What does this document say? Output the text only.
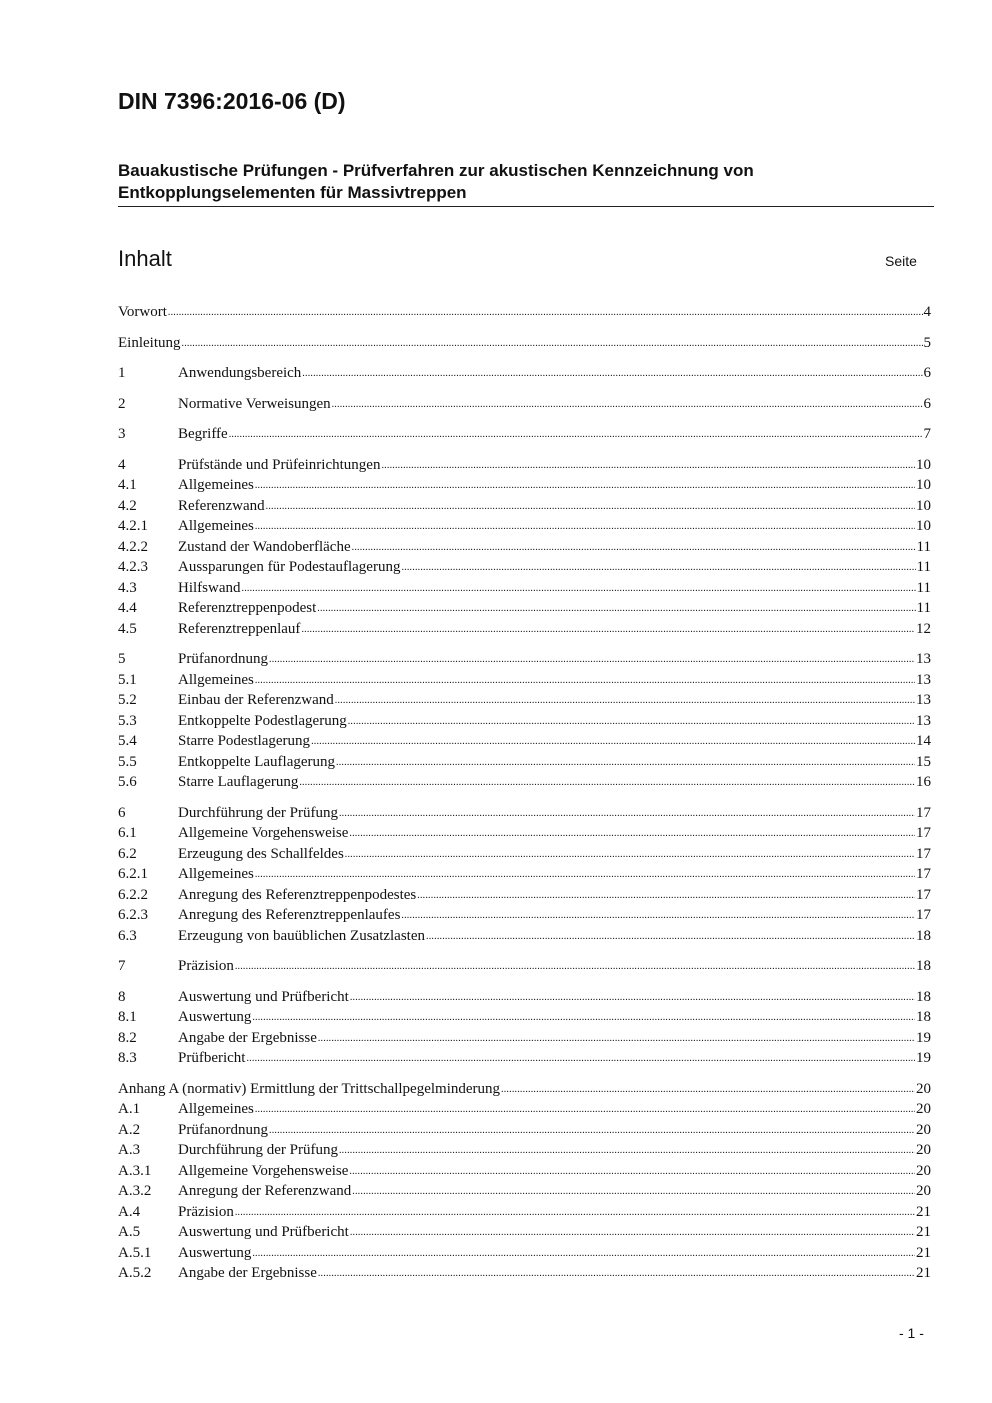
DIN 7396:2016-06 (D)
Bauakustische Prüfungen - Prüfverfahren zur akustischen Kennzeichnung von
Entkopplungselementen für Massivtreppen
Inhalt	Seite
Vorwort .....	4
Einleitung .....	5
1	Anwendungsbereich .....	6
2	Normative Verweisungen .....	6
3	Begriffe .....	7
4	Prüfstände und Prüfeinrichtungen .....	10
4.1	Allgemeines .....	10
4.2	Referenzwand .....	10
4.2.1	Allgemeines .....	10
4.2.2	Zustand der Wandoberfläche .....	11
4.2.3	Aussparungen für Podestauflagerung .....	11
4.3	Hilfswand .....	11
4.4	Referenztreppenpodest .....	11
4.5	Referenztreppenlauf .....	12
5	Prüfanordnung .....	13
5.1	Allgemeines .....	13
5.2	Einbau der Referenzwand .....	13
5.3	Entkoppelte Podestlagerung .....	13
5.4	Starre Podestlagerung .....	14
5.5	Entkoppelte Lauflagerung .....	15
5.6	Starre Lauflagerung .....	16
6	Durchführung der Prüfung .....	17
6.1	Allgemeine Vorgehensweise .....	17
6.2	Erzeugung des Schallfeldes .....	17
6.2.1	Allgemeines .....	17
6.2.2	Anregung des Referenztreppenpodestes .....	17
6.2.3	Anregung des Referenztreppenlaufes .....	17
6.3	Erzeugung von bauüblichen Zusatzlasten .....	18
7	Präzision .....	18
8	Auswertung und Prüfbericht .....	18
8.1	Auswertung .....	18
8.2	Angabe der Ergebnisse .....	19
8.3	Prüfbericht .....	19
Anhang A (normativ) Ermittlung der Trittschallpegelminderung .....	20
A.1	Allgemeines .....	20
A.2	Prüfanordnung .....	20
A.3	Durchführung der Prüfung .....	20
A.3.1	Allgemeine Vorgehensweise .....	20
A.3.2	Anregung der Referenzwand .....	20
A.4	Präzision .....	21
A.5	Auswertung und Prüfbericht .....	21
A.5.1	Auswertung .....	21
A.5.2	Angabe der Ergebnisse .....	21
- 1 -
